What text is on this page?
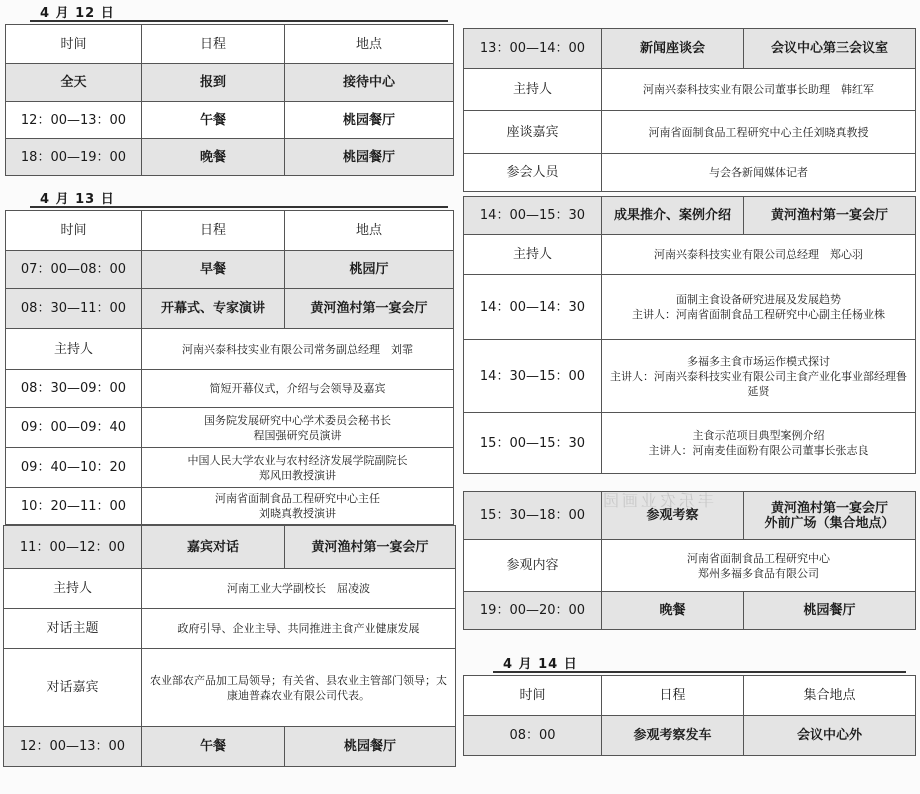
4 月 12 日
时间	日程	地点
全天	报到	接待中心
12：00—13：00	午餐	桃园餐厅
18：00—19：00	晚餐	桃园餐厅
4 月 13 日
时间	日程	地点
07：00—08：00	早餐	桃园厅
08：30—11：00	开幕式、专家演讲	黄河渔村第一宴会厅
主持人	河南兴泰科技实业有限公司常务副总经理　刘霏	
08：30—09：00	简短开幕仪式，介绍与会领导及嘉宾	
09：00—09：40	国务院发展研究中心学术委员会秘书长
程国强研究员演讲	

09：40—10：20	中国人民大学农业与农村经济发展学院副院长
郑风田教授演讲	

10：20—11：00	河南省面制食品工程研究中心主任
刘晓真教授演讲	
11：00—12：00	嘉宾对话	黄河渔村第一宴会厅
主持人	河南工业大学副校长　屈凌波	
对话主题	政府引导、企业主导、共同推进主食产业健康发展	
对话嘉宾	农业部农产品加工局领导；有关省、县农业主管部门领导；太康迪普森农业有限公司代表。	
12：00—13：00	午餐	桃园餐厅
13：00—14：00	新闻座谈会	会议中心第三会议室
主持人	河南兴泰科技实业有限公司董事长助理　韩红军	
座谈嘉宾	河南省面制食品工程研究中心主任刘晓真教授	
参会人员	与会各新闻媒体记者	
14：00—15：30	成果推介、案例介绍	黄河渔村第一宴会厅
主持人	河南兴泰科技实业有限公司总经理　郑心羽	
14：00—14：30	面制主食设备研究进展及发展趋势
主讲人：河南省面制食品工程研究中心副主任杨业株	

14：30—15：00	多福多主食市场运作模式探讨
主讲人：河南兴泰科技实业有限公司主食产业化事业部经理鲁延贤	

15：00—15：30	主食示范项目典型案例介绍
主讲人：河南麦佳面粉有限公司董事长张志良	
15：30—18：00	参观考察	黄河渔村第一宴会厅
外前广场（集合地点）

参观内容	河南省面制食品工程研究中心
郑州多福多食品有限公司	

19：00—20：00	晚餐	桃园餐厅
4 月 14 日
时间	日程	集合地点
08：00	参观考察发车	会议中心外
丰乐农业画园
